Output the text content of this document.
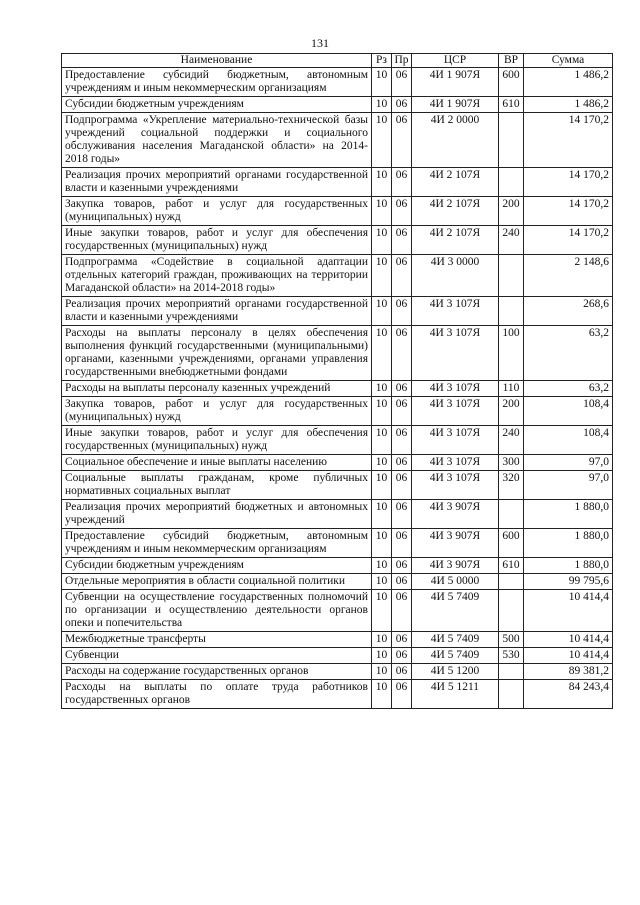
131
Наименование	Рз	Пр	ЦСР	ВР	Сумма
Предоставление субсидий бюджетным, автономным учреждениям и иным некоммерческим организациям	10	06	4И 1 907Я	600	1 486,2
Субсидии бюджетным учреждениям	10	06	4И 1 907Я	610	1 486,2
Подпрограмма «Укрепление материально-технической базы учреждений социальной поддержки и социального обслуживания населения Магаданской области» на 2014-2018 годы»	10	06	4И 2 0000		14 170,2
Реализация прочих мероприятий органами государственной власти и казенными учреждениями	10	06	4И 2 107Я		14 170,2
Закупка товаров, работ и услуг для государственных (муниципальных) нужд	10	06	4И 2 107Я	200	14 170,2
Иные закупки товаров, работ и услуг для обеспечения государственных (муниципальных) нужд	10	06	4И 2 107Я	240	14 170,2
Подпрограмма «Содействие в социальной адаптации отдельных категорий граждан, проживающих на территории Магаданской области» на 2014-2018 годы»	10	06	4И 3 0000		2 148,6
Реализация прочих мероприятий органами государственной власти и казенными учреждениями	10	06	4И 3 107Я		268,6
Расходы на выплаты персоналу в целях обеспечения выполнения функций государственными (муниципальными) органами, казенными учреждениями, органами управления государственными внебюджетными фондами	10	06	4И 3 107Я	100	63,2
Расходы на выплаты персоналу казенных учреждений	10	06	4И 3 107Я	110	63,2
Закупка товаров, работ и услуг для государственных (муниципальных) нужд	10	06	4И 3 107Я	200	108,4
Иные закупки товаров, работ и услуг для обеспечения государственных (муниципальных) нужд	10	06	4И 3 107Я	240	108,4
Социальное обеспечение и иные выплаты населению	10	06	4И 3 107Я	300	97,0
Социальные выплаты гражданам, кроме публичных нормативных социальных выплат	10	06	4И 3 107Я	320	97,0
Реализация прочих мероприятий бюджетных и автономных учреждений	10	06	4И 3 907Я		1 880,0
Предоставление субсидий бюджетным, автономным учреждениям и иным некоммерческим организациям	10	06	4И 3 907Я	600	1 880,0
Субсидии бюджетным учреждениям	10	06	4И 3 907Я	610	1 880,0
Отдельные мероприятия в области социальной политики	10	06	4И 5 0000		99 795,6
Субвенции на осуществление государственных полномочий по организации и осуществлению деятельности органов опеки и попечительства	10	06	4И 5 7409		10 414,4
Межбюджетные трансферты	10	06	4И 5 7409	500	10 414,4
Субвенции	10	06	4И 5 7409	530	10 414,4
Расходы на содержание государственных органов	10	06	4И 5 1200		89 381,2
Расходы на выплаты по оплате труда работников государственных органов	10	06	4И 5 1211		84 243,4
